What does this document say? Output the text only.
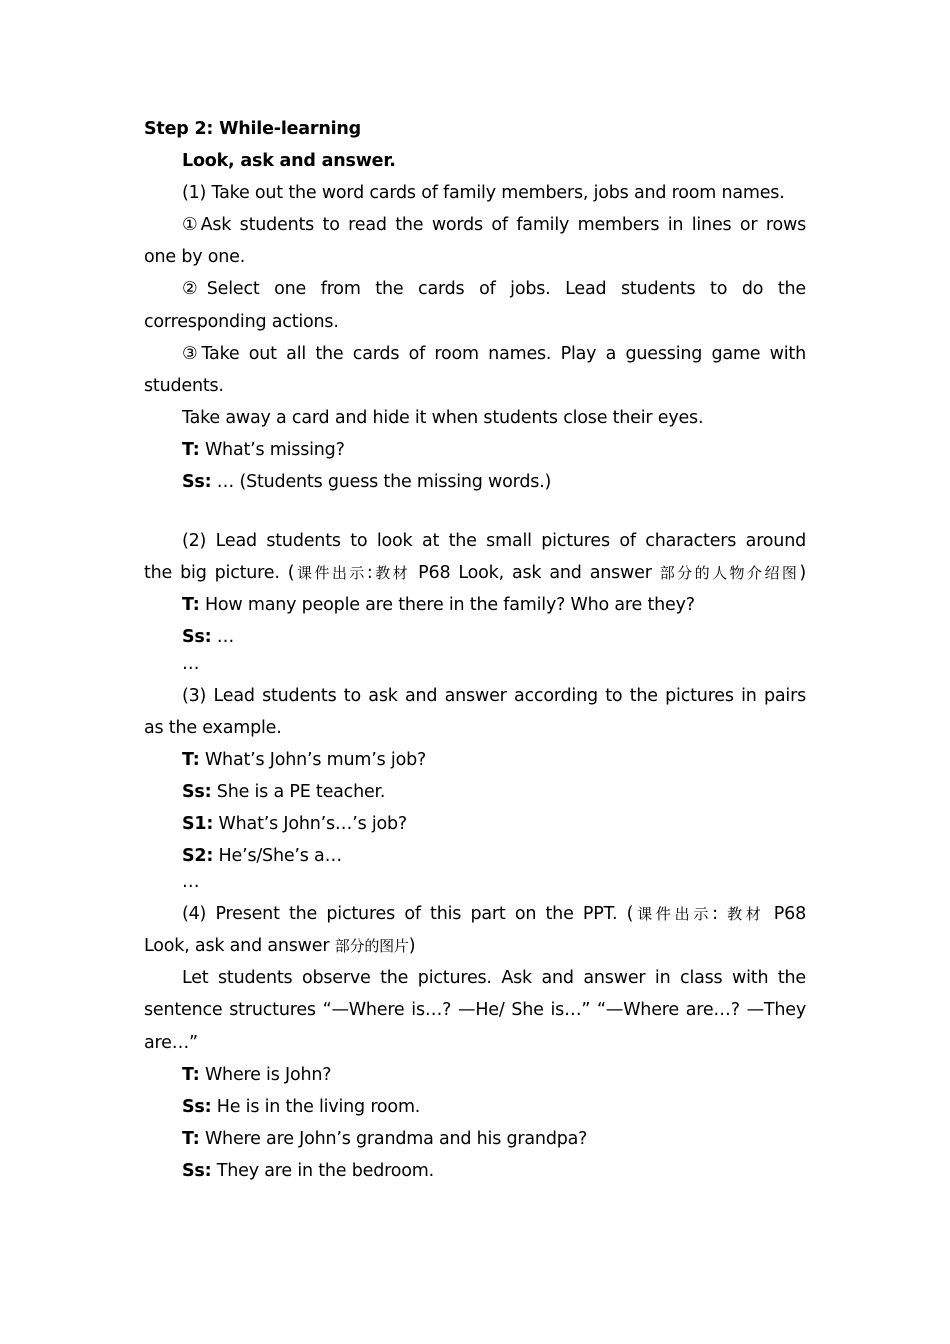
Step 2: While-learning
Look, ask and answer.
(1) Take out the word cards of family members, jobs and room names.
①Ask students to read the words of family members in lines or rows
one by one.
②Select one from the cards of jobs. Lead students to do the
corresponding actions.
③Take out all the cards of room names. Play a guessing game with
students.
Take away a card and hide it when students close their eyes.
T: What’s missing?
Ss: … (Students guess the missing words.)
(2) Lead students to look at the small pictures of characters around
the big picture. (课件出示:教材 P68 Look, ask and answer 部分的人物介绍图)
T: How many people are there in the family? Who are they?
Ss: …
…
(3) Lead students to ask and answer according to the pictures in pairs
as the example.
T: What’s John’s mum’s job?
Ss: She is a PE teacher.
S1: What’s John’s…’s job?
S2: He’s/She’s a…
…
(4) Present the pictures of this part on the PPT. (课件出示: 教材 P68
Look, ask and answer 部分的图片)
Let students observe the pictures. Ask and answer in class with the
sentence structures “—Where is…? —He/ She is…” “—Where are…? —They
are…”
T: Where is John?
Ss: He is in the living room.
T: Where are John’s grandma and his grandpa?
Ss: They are in the bedroom.
